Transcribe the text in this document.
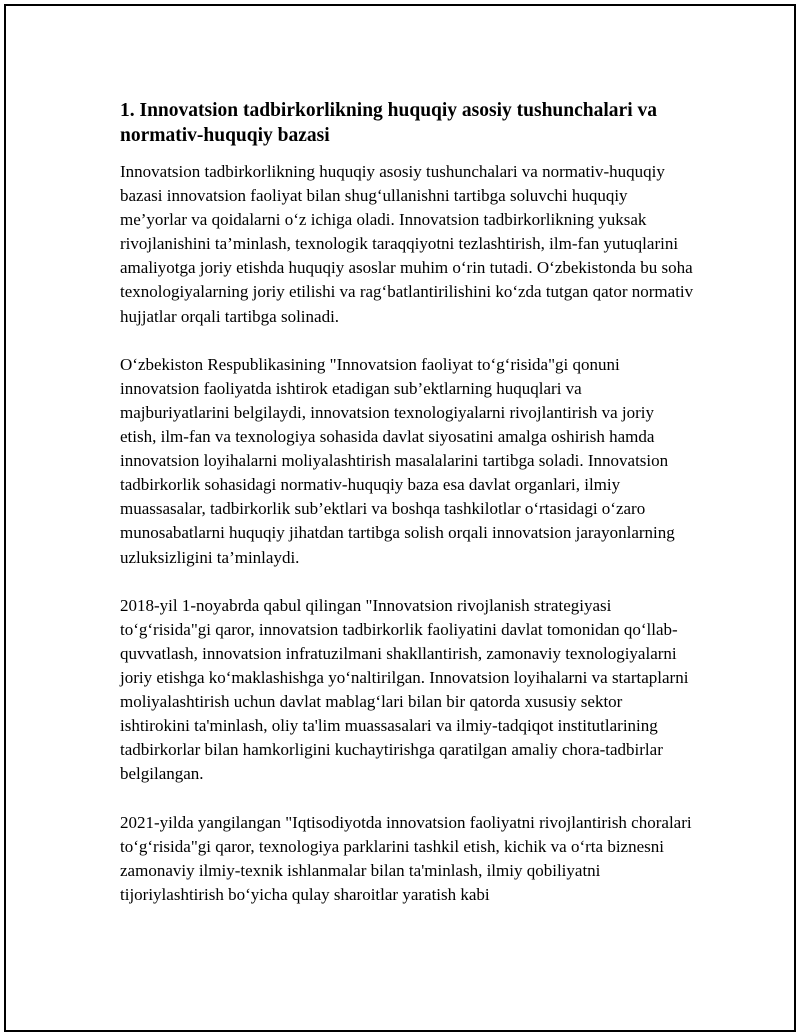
1. Innovatsion tadbirkorlikning huquqiy asosiy tushunchalari va normativ-huquqiy bazasi

Innovatsion tadbirkorlikning huquqiy asosiy tushunchalari va normativ-huquqiy bazasi innovatsion faoliyat bilan shug‘ullanishni tartibga soluvchi huquqiy me’yorlar va qoidalarni o‘z ichiga oladi. Innovatsion tadbirkorlikning yuksak rivojlanishini ta’minlash, texnologik taraqqiyotni tezlashtirish, ilm-fan yutuqlarini amaliyotga joriy etishda huquqiy asoslar muhim o‘rin tutadi. O‘zbekistonda bu soha texnologiyalarning joriy etilishi va rag‘batlantirilishini ko‘zda tutgan qator normativ hujjatlar orqali tartibga solinadi.

O‘zbekiston Respublikasining "Innovatsion faoliyat to‘g‘risida"gi qonuni innovatsion faoliyatda ishtirok etadigan sub’ektlarning huquqlari va majburiyatlarini belgilaydi, innovatsion texnologiyalarni rivojlantirish va joriy etish, ilm-fan va texnologiya sohasida davlat siyosatini amalga oshirish hamda innovatsion loyihalarni moliyalashtirish masalalarini tartibga soladi. Innovatsion tadbirkorlik sohasidagi normativ-huquqiy baza esa davlat organlari, ilmiy muassasalar, tadbirkorlik sub’ektlari va boshqa tashkilotlar o‘rtasidagi o‘zaro munosabatlarni huquqiy jihatdan tartibga solish orqali innovatsion jarayonlarning uzluksizligini ta’minlaydi.

2018-yil 1-noyabrda qabul qilingan "Innovatsion rivojlanish strategiyasi to‘g‘risida"gi qaror, innovatsion tadbirkorlik faoliyatini davlat tomonidan qo‘llab-quvvatlash, innovatsion infratuzilmani shakllantirish, zamonaviy texnologiyalarni joriy etishga ko‘maklashishga yo‘naltirilgan. Innovatsion loyihalarni va startaplarni moliyalashtirish uchun davlat mablag‘lari bilan bir qatorda xususiy sektor ishtirokini ta'minlash, oliy ta'lim muassasalari va ilmiy-tadqiqot institutlarining tadbirkorlar bilan hamkorligini kuchaytirishga qaratilgan amaliy chora-tadbirlar belgilangan.

2021-yilda yangilangan "Iqtisodiyotda innovatsion faoliyatni rivojlantirish choralari to‘g‘risida"gi qaror, texnologiya parklarini tashkil etish, kichik va o‘rta biznesni zamonaviy ilmiy-texnik ishlanmalar bilan ta'minlash, ilmiy qobiliyatni tijoriylashtirish bo‘yicha qulay sharoitlar yaratish kabi
